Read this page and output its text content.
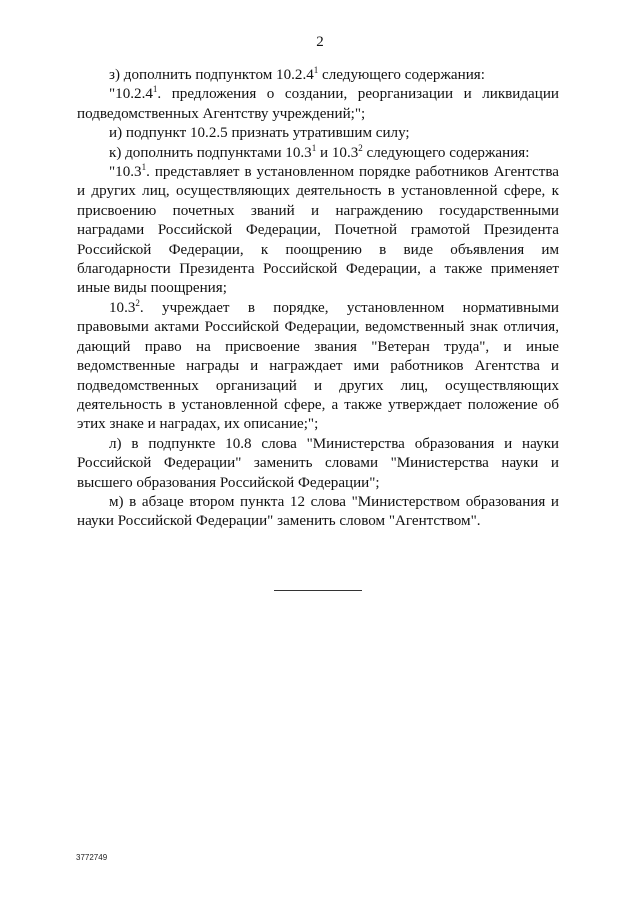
2

з) дополнить подпунктом 10.2.4$^1$ следующего содержания:

"10.2.4$^1$. предложения о создании, реорганизации и ликвидации подведомственных Агентству учреждений;";

и) подпункт 10.2.5 признать утратившим силу;

к) дополнить подпунктами 10.3$^1$ и 10.3$^2$ следующего содержания:

"10.3$^1$. представляет в установленном порядке работников Агентства и других лиц, осуществляющих деятельность в установленной сфере, к присвоению почетных званий и награждению государственными наградами Российской Федерации, Почетной грамотой Президента Российской Федерации, к поощрению в виде объявления им благодарности Президента Российской Федерации, а также применяет иные виды поощрения;

10.3$^2$. учреждает в порядке, установленном нормативными правовыми актами Российской Федерации, ведомственный знак отличия, дающий право на присвоение звания "Ветеран труда", и иные ведомственные награды и награждает ими работников Агентства и подведомственных организаций и других лиц, осуществляющих деятельность в установленной сфере, а также утверждает положение об этих знаке и наградах, их описание;";

л) в подпункте 10.8 слова "Министерства образования и науки Российской Федерации" заменить словами "Министерства науки и высшего образования Российской Федерации";

м) в абзаце втором пункта 12 слова "Министерством образования и науки Российской Федерации" заменить словом "Агентством".

3772749
